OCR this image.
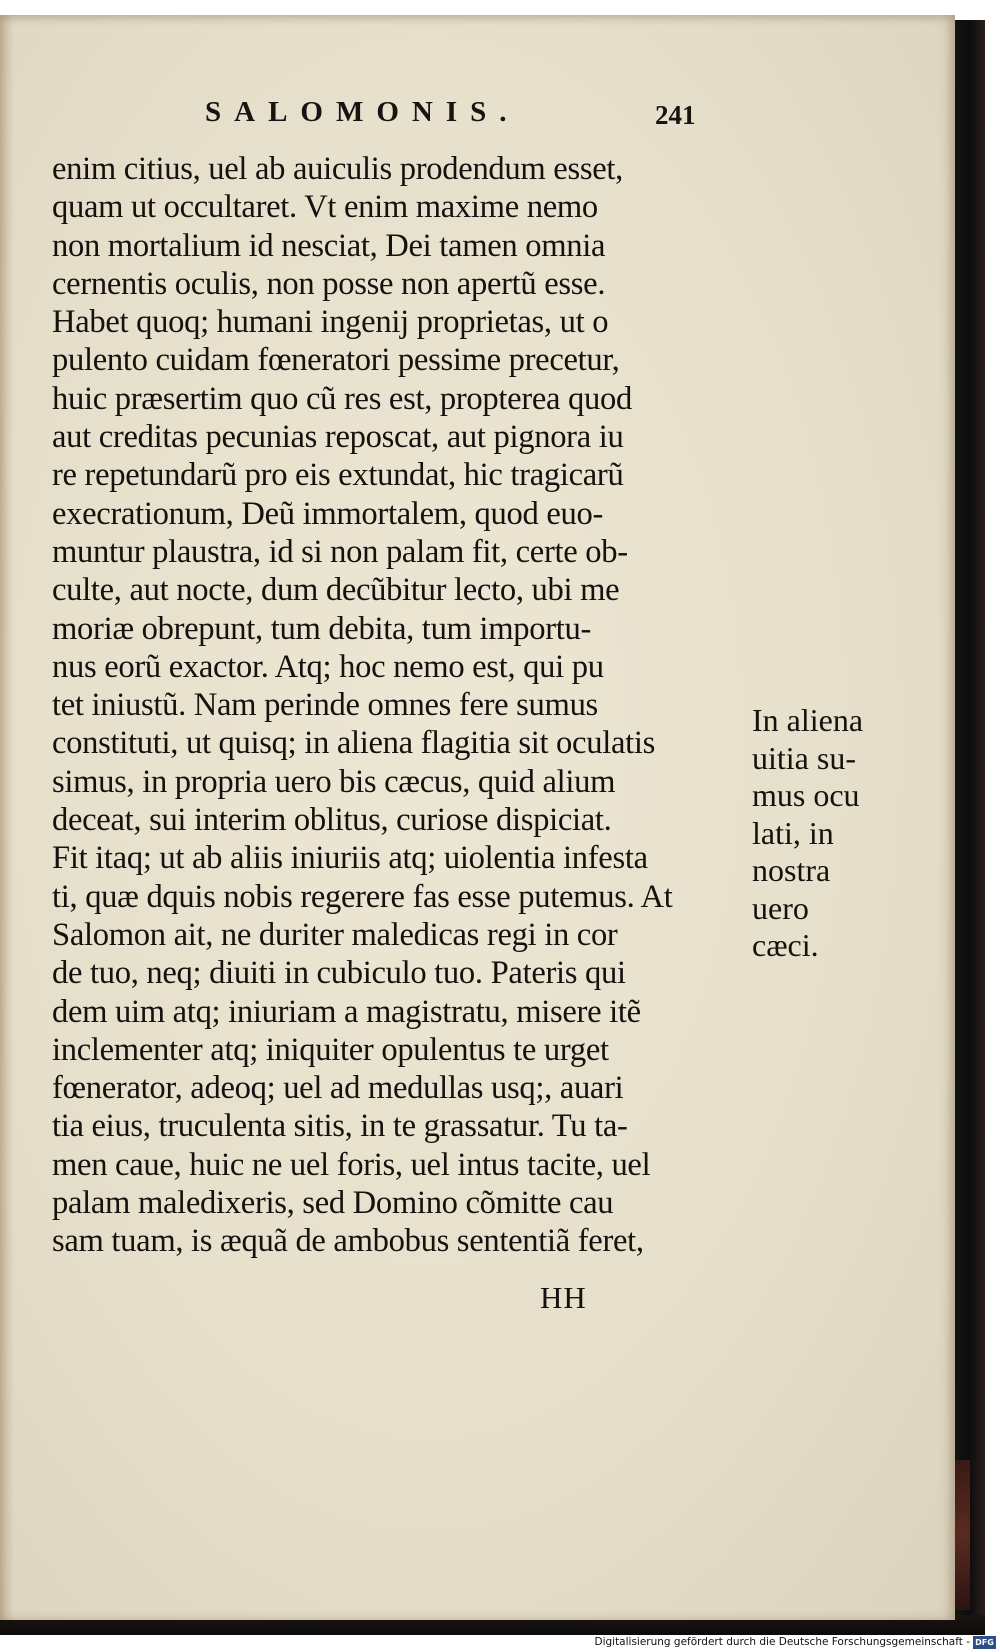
SALOMONIS.	241
enim citius, uel ab auiculis prodendum esset,
quam ut occultaret. Vt enim maxime nemo
non mortalium id nesciat, Dei tamen omnia
cernentis oculis, non posse non apertũ esse.
Habet quoq; humani ingenij proprietas, ut o
pulento cuidam fœneratori pessime precetur,
huic præsertim quo cũ res est, propterea quod
aut creditas pecunias reposcat, aut pignora iu
re repetundarũ pro eis extundat, hic tragicarũ
execrationum, Deũ immortalem, quod euo-
muntur plaustra, id si non palam fit, certe ob-
culte, aut nocte, dum decũbitur lecto, ubi me
moriæ obrepunt, tum debita, tum importu-
nus eorũ exactor. Atq; hoc nemo est, qui pu
tet iniustũ. Nam perinde omnes fere sumus
constituti, ut quisq; in aliena flagitia sit oculatis
simus, in propria uero bis cæcus, quid alium
deceat, sui interim oblitus, curiose dispiciat.
Fit itaq; ut ab aliis iniuriis atq; uiolentia infesta
ti, quæ dquis nobis regerere fas esse putemus. At
Salomon ait, ne duriter maledicas regi in cor
de tuo, neq; diuiti in cubiculo tuo. Pateris qui
dem uim atq; iniuriam a magistratu, misere itẽ
inclementer atq; iniquiter opulentus te urget
fœnerator, adeoq; uel ad medullas usq;, auari
tia eius, truculenta sitis, in te grassatur. Tu ta-
men caue, huic ne uel foris, uel intus tacite, uel
palam maledixeris, sed Domino cõmitte cau
sam tuam, is æquã de ambobus sententiã feret,
In aliena
uitia su-
mus ocu
lati, in
nostra
uero
cæci.
HH
Digitalisierung gefördert durch die Deutsche Forschungsgemeinschaft - DFG
